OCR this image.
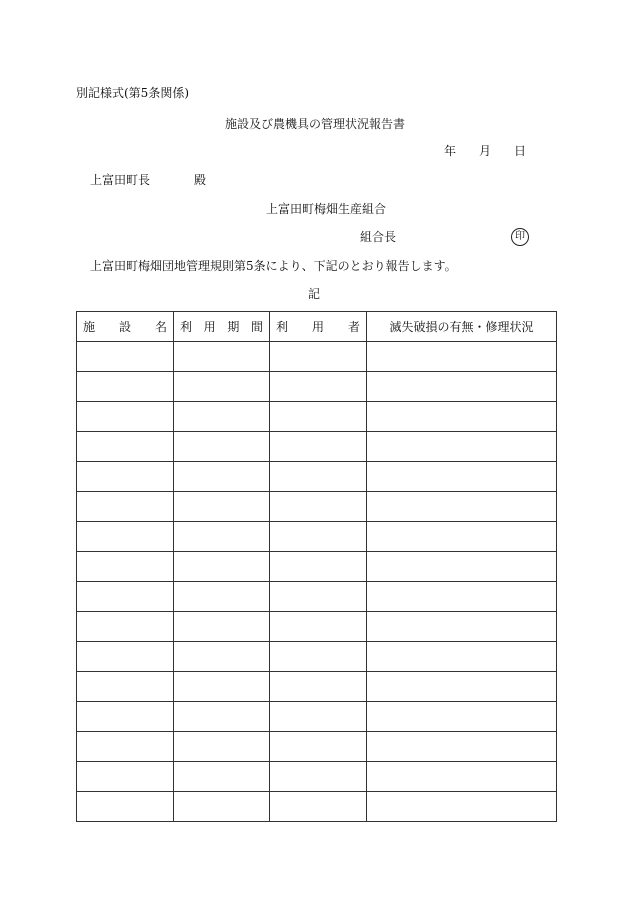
別記様式(第5条関係)
施設及び農機具の管理状況報告書
年 月 日
上富田町長	殿
上富田町梅畑生産組合
組合長	印
上富田町梅畑団地管理規則第5条により、下記のとおり報告します。
記
施 設 名	利 用 期 間	利 用 者	滅失破損の有無・修理状況
